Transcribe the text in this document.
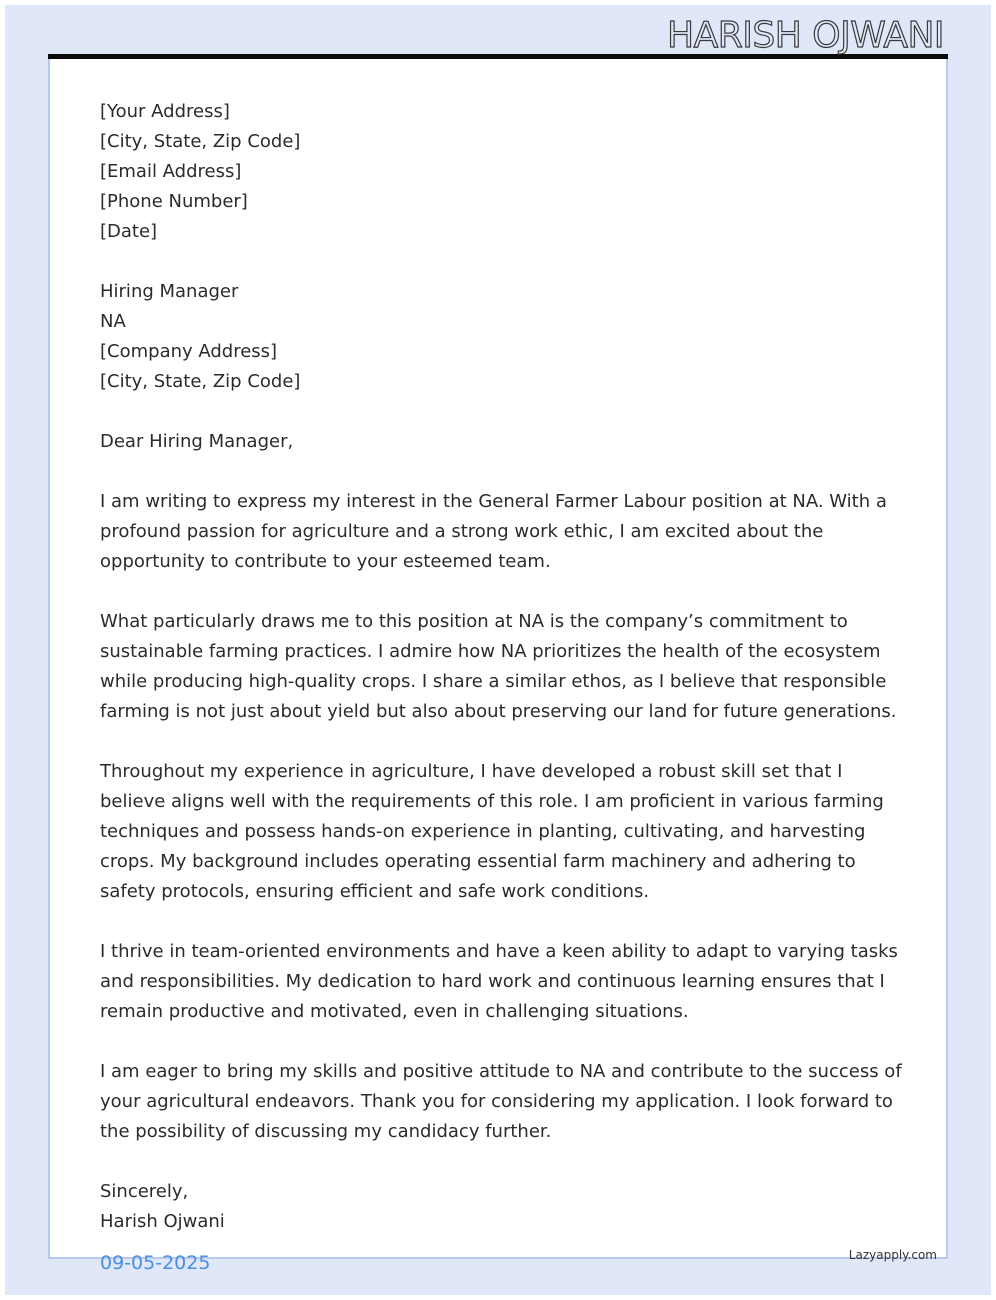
HARISH OJWANI
[Your Address]
[City, State, Zip Code]
[Email Address]
[Phone Number]
[Date]
Hiring Manager
NA
[Company Address]
[City, State, Zip Code]
Dear Hiring Manager,

I am writing to express my interest in the General Farmer Labour position at NA. With a profound passion for agriculture and a strong work ethic, I am excited about the opportunity to contribute to your esteemed team.

What particularly draws me to this position at NA is the company’s commitment to sustainable farming practices. I admire how NA prioritizes the health of the ecosystem while producing high-quality crops. I share a similar ethos, as I believe that responsible farming is not just about yield but also about preserving our land for future generations.

Throughout my experience in agriculture, I have developed a robust skill set that I believe aligns well with the requirements of this role. I am proficient in various farming techniques and possess hands-on experience in planting, cultivating, and harvesting crops. My background includes operating essential farm machinery and adhering to safety protocols, ensuring efficient and safe work conditions.

I thrive in team-oriented environments and have a keen ability to adapt to varying tasks and responsibilities. My dedication to hard work and continuous learning ensures that I remain productive and motivated, even in challenging situations.

I am eager to bring my skills and positive attitude to NA and contribute to the success of your agricultural endeavors. Thank you for considering my application. I look forward to the possibility of discussing my candidacy further.

Sincerely,
Harish Ojwani
09-05-2025	Lazyapply.com
